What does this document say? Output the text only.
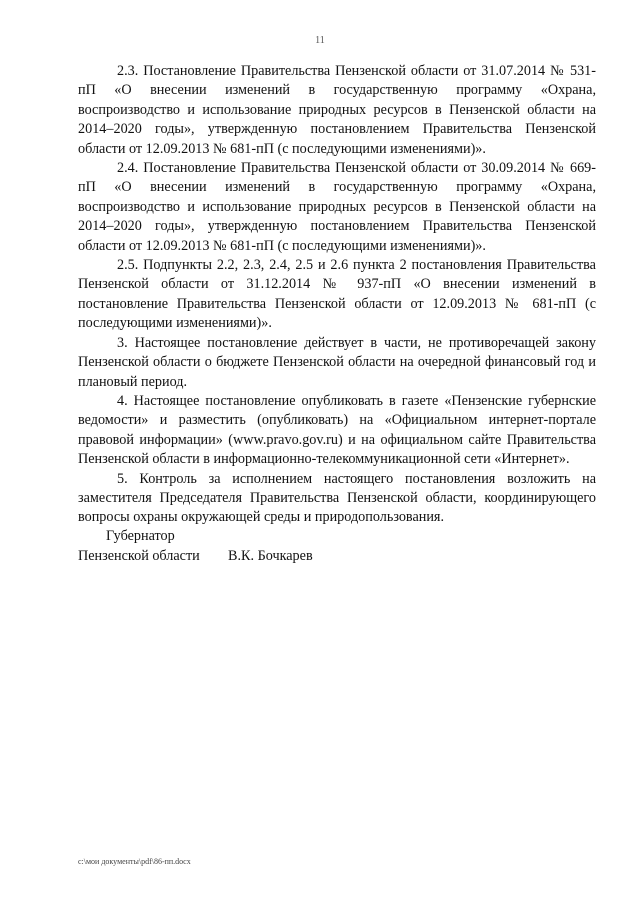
11

2.3. Постановление Правительства Пензенской области от 31.07.2014 № 531-пП «О внесении изменений в государственную программу «Охрана, воспроизводство и использование природных ресурсов в Пензенской области на 2014–2020 годы», утвержденную постановлением Правительства Пензенской области от 12.09.2013 № 681-пП (с последующими изменениями)».

2.4. Постановление Правительства Пензенской области от 30.09.2014 № 669-пП «О внесении изменений в государственную программу «Охрана, воспроизводство и использование природных ресурсов в Пензенской области на 2014–2020 годы», утвержденную постановлением Правительства Пензенской области от 12.09.2013 № 681-пП (с последующими изменениями)».

2.5. Подпункты 2.2, 2.3, 2.4, 2.5 и 2.6 пункта 2 постановления Правительства Пензенской области от 31.12.2014 № 937-пП «О внесении изменений в постановление Правительства Пензенской области от 12.09.2013 № 681-пП (с последующими изменениями)».

3. Настоящее постановление действует в части, не противоречащей закону Пензенской области о бюджете Пензенской области на очередной финансовый год и плановый период.

4. Настоящее постановление опубликовать в газете «Пензенские губернские ведомости» и разместить (опубликовать) на «Официальном интернет-портале правовой информации» (www.pravo.gov.ru) и на официальном сайте Правительства Пензенской области в информационно-телекоммуникационной сети «Интернет».

5. Контроль за исполнением настоящего постановления возложить на заместителя Председателя Правительства Пензенской области, координирующего вопросы охраны окружающей среды и природопользования.

Губернатор
Пензенской области	В.К. Бочкарев
c:\мои документы\pdf\86-пп.docx
